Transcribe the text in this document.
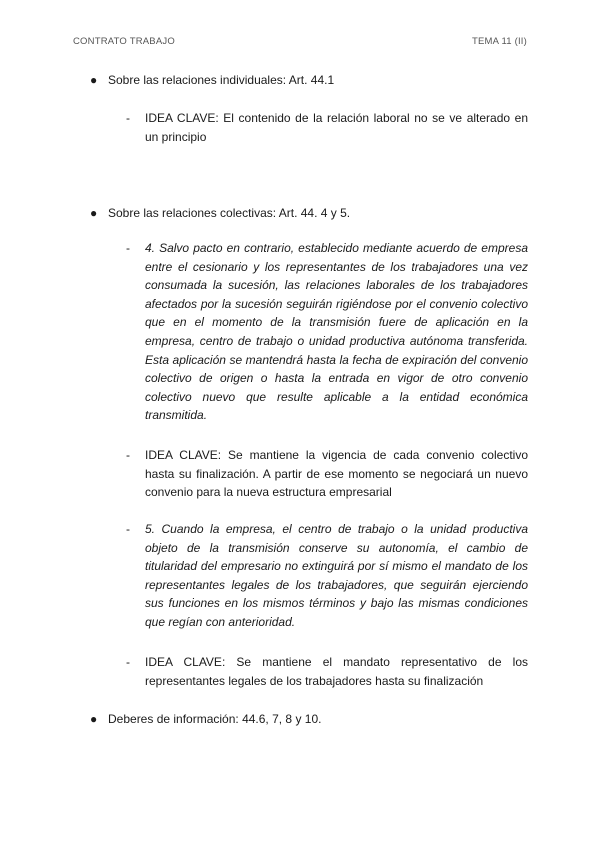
CONTRATO TRABAJO	TEMA 11 (II)
● Sobre las relaciones individuales: Art. 44.1
- IDEA CLAVE: El contenido de la relación laboral no se ve alterado en un principio
● Sobre las relaciones colectivas: Art. 44. 4 y 5.
- 4. Salvo pacto en contrario, establecido mediante acuerdo de empresa entre el cesionario y los representantes de los trabajadores una vez consumada la sucesión, las relaciones laborales de los trabajadores afectados por la sucesión seguirán rigiéndose por el convenio colectivo que en el momento de la transmisión fuere de aplicación en la empresa, centro de trabajo o unidad productiva autónoma transferida. Esta aplicación se mantendrá hasta la fecha de expiración del convenio colectivo de origen o hasta la entrada en vigor de otro convenio colectivo nuevo que resulte aplicable a la entidad económica transmitida.
- IDEA CLAVE: Se mantiene la vigencia de cada convenio colectivo hasta su finalización. A partir de ese momento se negociará un nuevo convenio para la nueva estructura empresarial
- 5. Cuando la empresa, el centro de trabajo o la unidad productiva objeto de la transmisión conserve su autonomía, el cambio de titularidad del empresario no extinguirá por sí mismo el mandato de los representantes legales de los trabajadores, que seguirán ejerciendo sus funciones en los mismos términos y bajo las mismas condiciones que regían con anterioridad.
- IDEA CLAVE: Se mantiene el mandato representativo de los representantes legales de los trabajadores hasta su finalización
● Deberes de información: 44.6, 7, 8 y 10.
